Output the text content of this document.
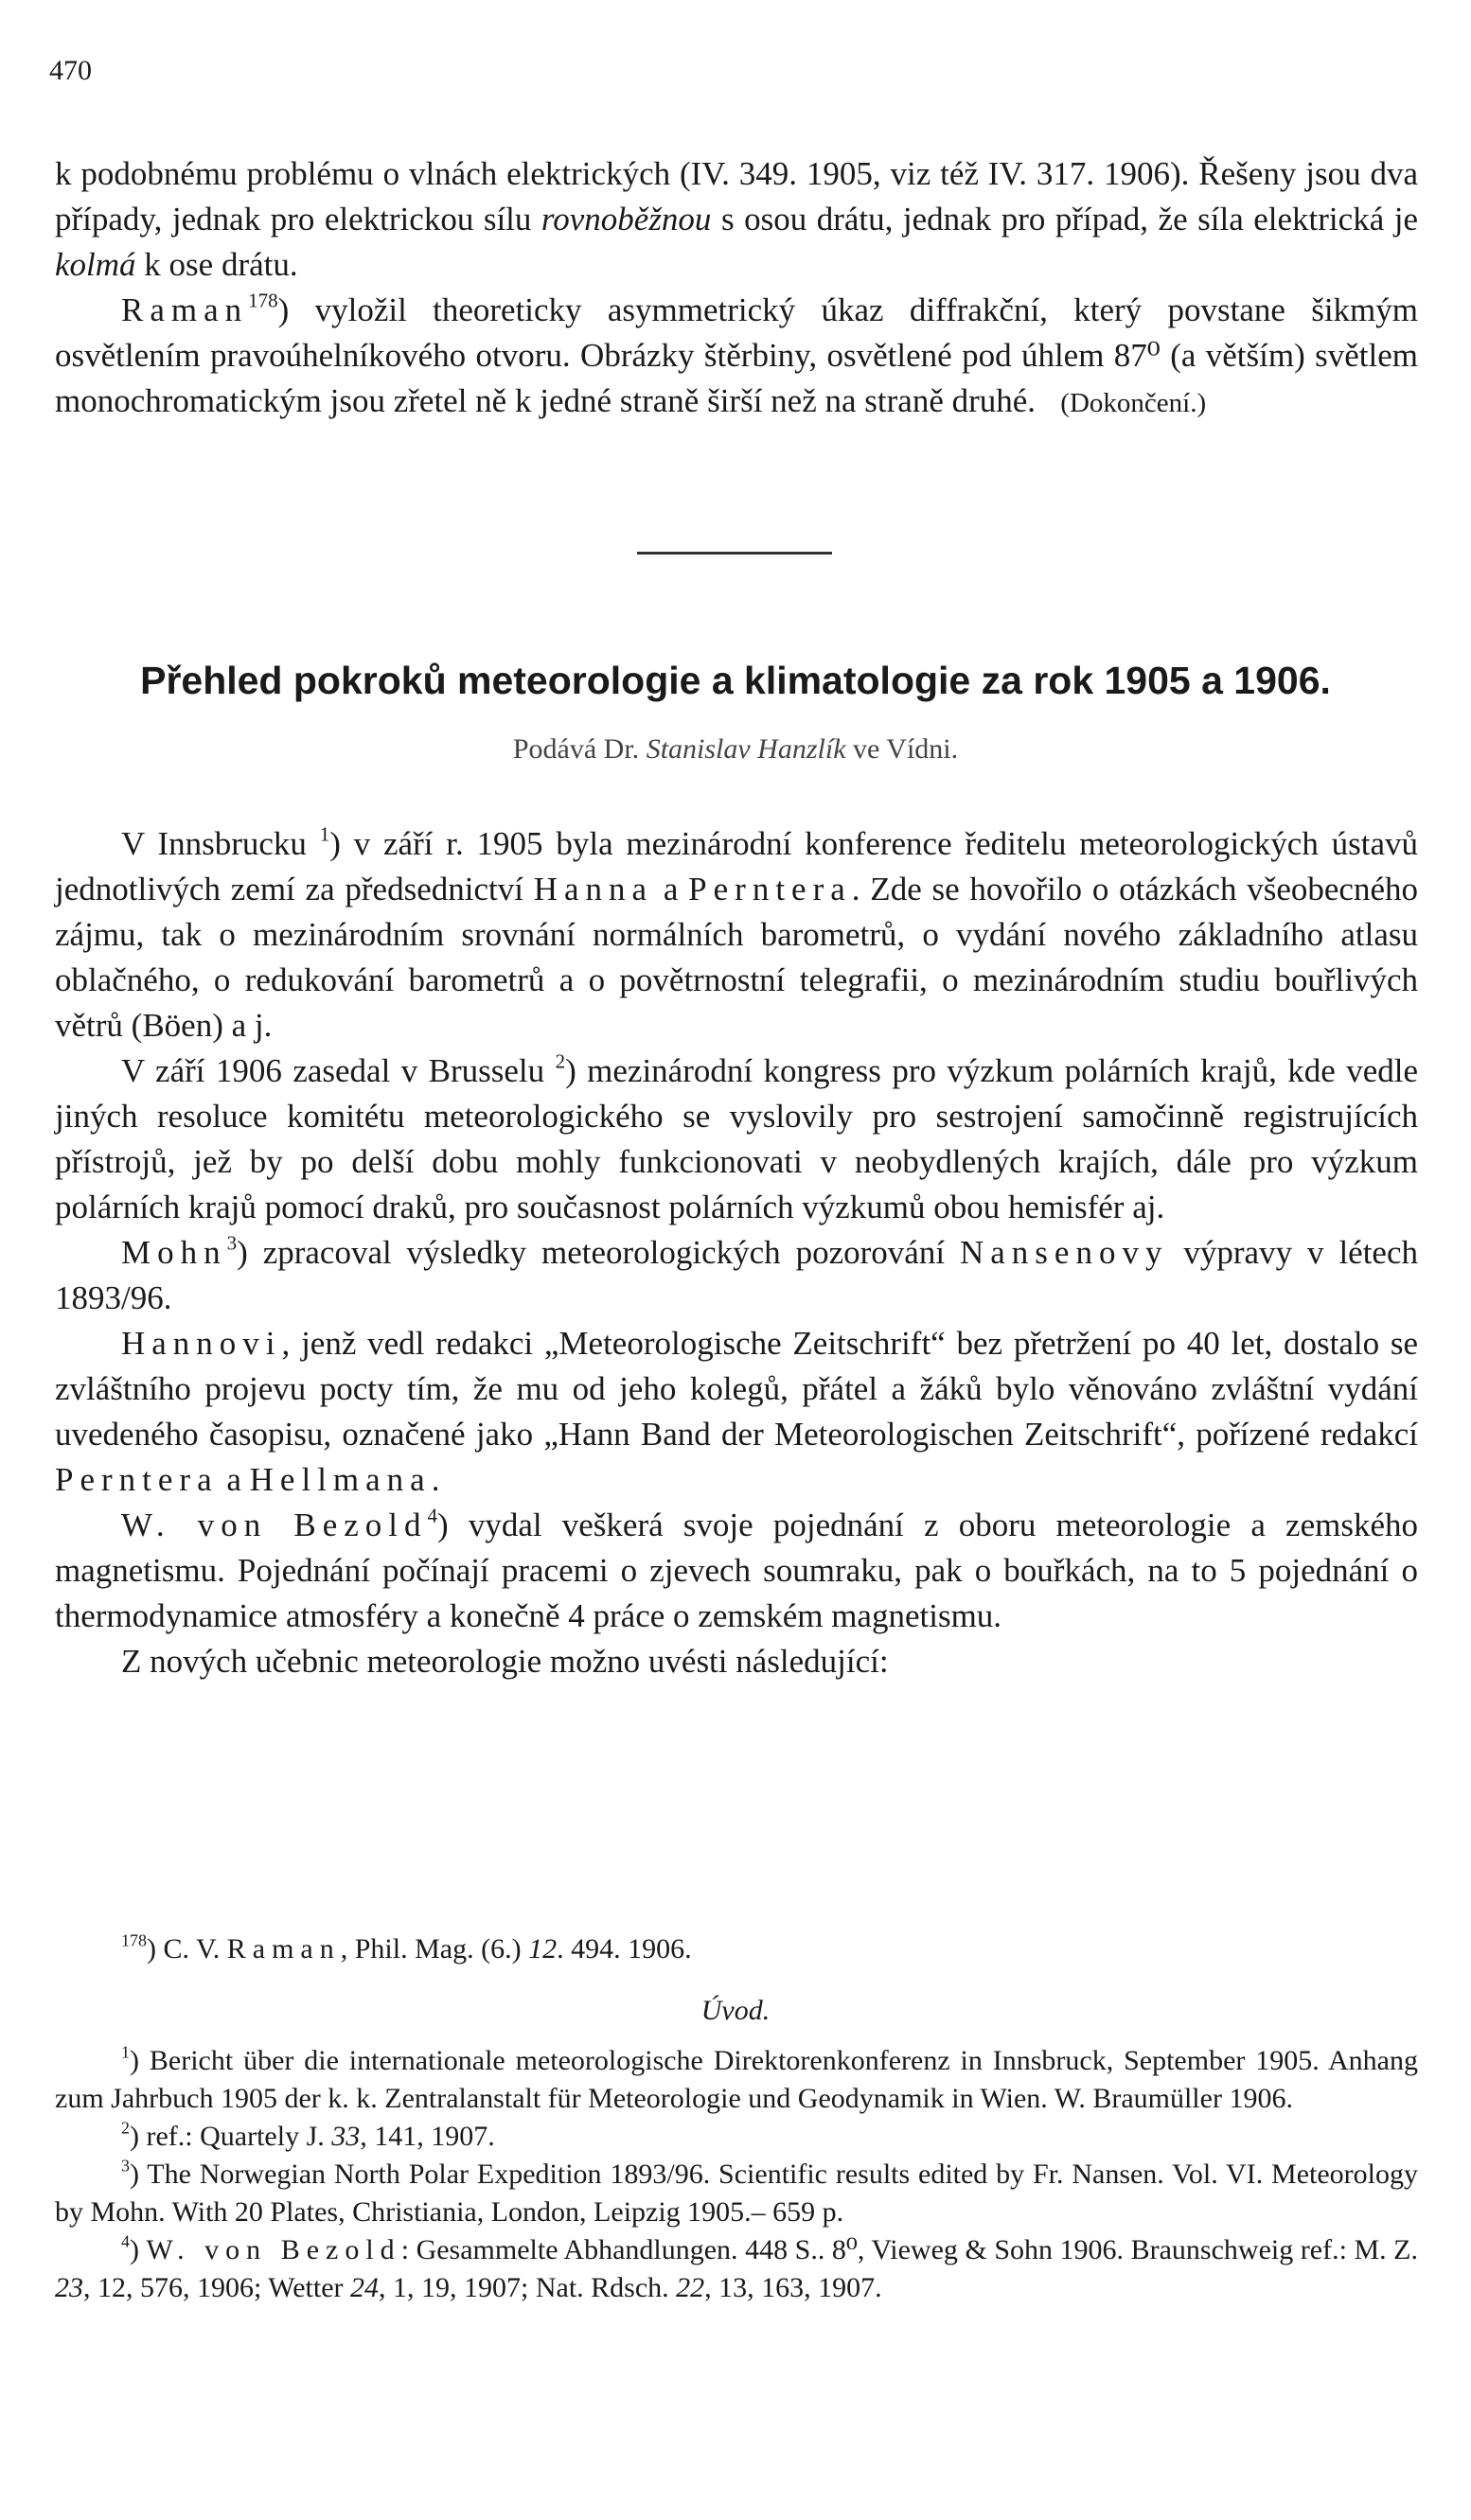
470

k podobnému problému o vlnách elektrických (IV. 349. 1905, viz též IV. 317. 1906). Řešeny jsou dva případy, jednak pro elektrickou sílu rovnoběžnou s osou drátu, jednak pro případ, že síla elektrická je kolmá k ose drátu.

Raman$^{178}$) vyložil theoreticky asymmetrický úkaz diffrakční, který povstane šikmým osvětlením pravoúhelníkového otvoru. Obrázky štěrbiny, osvětlené pod úhlem 87⁰ (a větším) světlem monochromatickým jsou zřetel ně k jedné straně širší než na straně druhé. (Dokončení.)

Přehled pokroků meteorologie a klimatologie za rok 1905 a 1906.
Podává Dr. Stanislav Hanzlík ve Vídni.

V Innsbrucku $^1$) v září r. 1905 byla mezinárodní konference ředitelu meteorologických ústavů jednotlivých zemí za předsednictví Hanna a Perntera. Zde se hovořilo o otázkách všeobecného zájmu, tak o mezinárodním srovnání normálních barometrů, o vydání nového základního atlasu oblačného, o redukování barometrů a o povětrnostní telegrafii, o mezinárodním studiu bouřlivých větrů (Böen) a j.

V září 1906 zasedal v Brusselu $^2$) mezinárodní kongress pro výzkum polárních krajů, kde vedle jiných resoluce komitétu meteorologického se vyslovily pro sestrojení samočinně registrujících přístrojů, jež by po delší dobu mohly funkcionovati v neobydlených krajích, dále pro výzkum polárních krajů pomocí draků, pro současnost polárních výzkumů obou hemisfér aj.

Mohn$^3$) zpracoval výsledky meteorologických pozorování Nansenovy výpravy v létech 1893/96.

Hannovi, jenž vedl redakci „Meteorologische Zeitschrift“ bez přetržení po 40 let, dostalo se zvláštního projevu pocty tím, že mu od jeho kolegů, přátel a žáků bylo věnováno zvláštní vydání uvedeného časopisu, označené jako „Hann Band der Meteorologischen Zeitschrift“, pořízené redakcí Perntera a Hellmana.

W. von Bezold$^4$) vydal veškerá svoje pojednání z oboru meteorologie a zemského magnetismu. Pojednání počínají pracemi o zjevech soumraku, pak o bouřkách, na to 5 pojednání o thermodynamice atmosféry a konečně 4 práce o zemském magnetismu.

Z nových učebnic meteorologie možno uvésti následující:

$^{178}$) C. V. Raman, Phil. Mag. (6.) 12. 494. 1906.

Úvod.

$^1$) Bericht über die internationale meteorologische Direktorenkonferenz in Innsbruck, September 1905. Anhang zum Jahrbuch 1905 der k. k. Zentralanstalt für Meteorologie und Geodynamik in Wien. W. Braumüller 1906.

$^2$) ref.: Quartely J. 33, 141, 1907.

$^3$) The Norwegian North Polar Expedition 1893/96. Scientific results edited by Fr. Nansen. Vol. VI. Meteorology by Mohn. With 20 Plates, Christiania, London, Leipzig 1905.– 659 p.

$^4$) W. von Bezold: Gesammelte Abhandlungen. 448 S.. 8⁰, Vieweg & Sohn 1906. Braunschweig ref.: M. Z. 23, 12, 576, 1906; Wetter 24, 1, 19, 1907; Nat. Rdsch. 22, 13, 163, 1907.
